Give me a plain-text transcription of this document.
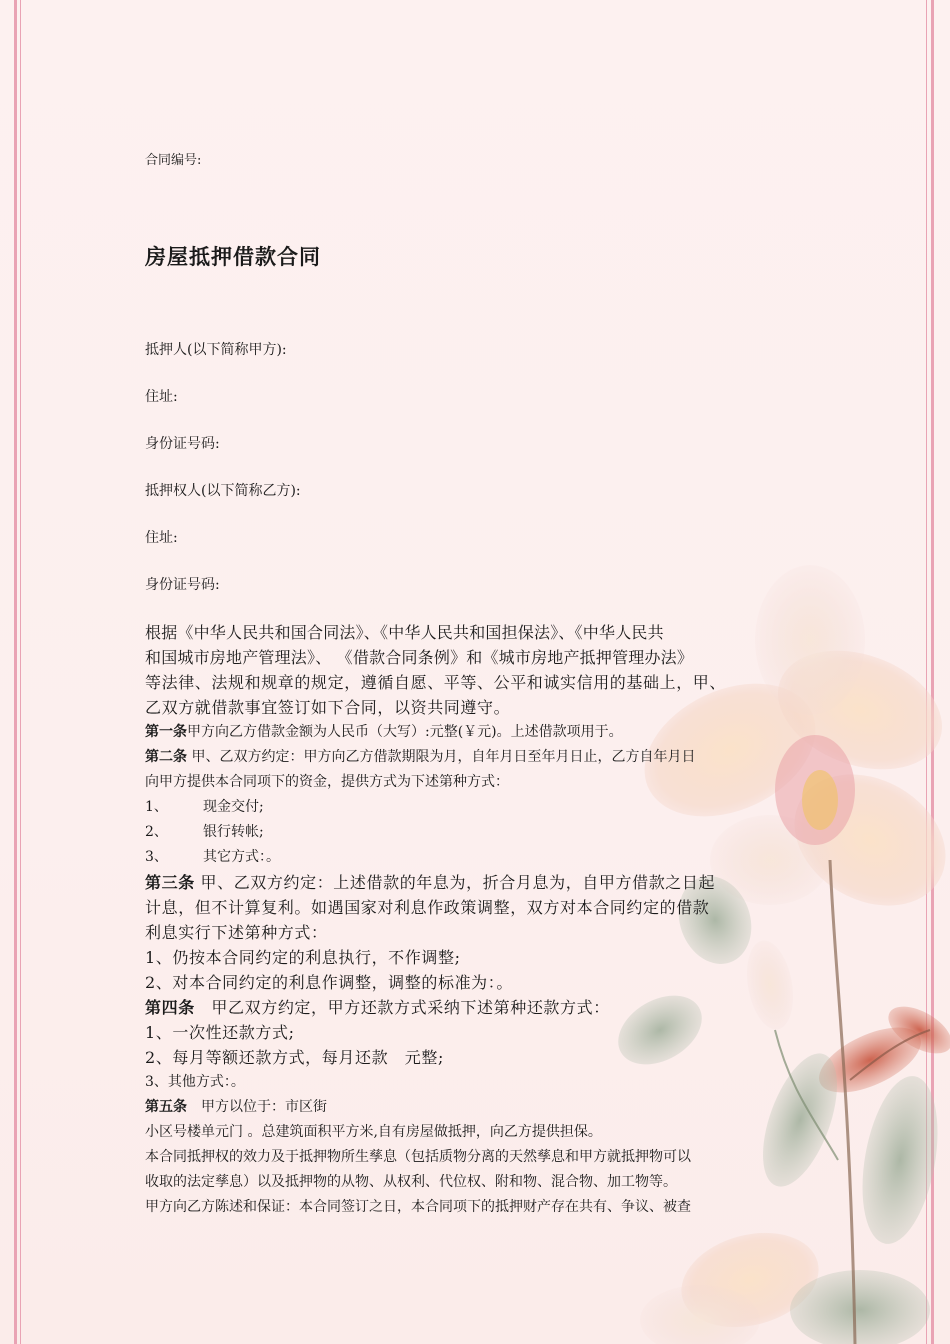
合同编号:
房屋抵押借款合同
抵押人(以下简称甲方):
住址:
身份证号码:
抵押权人(以下简称乙方):
住址:
身份证号码:
根据《中华人民共和国合同法》、《中华人民共和国担保法》、《中华人民共
和国城市房地产管理法》、 《借款合同条例》和《城市房地产抵押管理办法》
等法律、法规和规章的规定，遵循自愿、平等、公平和诚实信用的基础上，甲、
乙双方就借款事宜签订如下合同，以资共同遵守。
第一条甲方向乙方借款金额为人民币（大写）:元整(￥元)。上述借款项用于。
第二条 甲、乙双方约定：甲方向乙方借款期限为月，自年月日至年月日止，乙方自年月日
向甲方提供本合同项下的资金，提供方式为下述第种方式：
1、	现金交付;
2、	银行转帐;
3、	其它方式：。
第三条 甲、乙双方约定：上述借款的年息为，折合月息为，自甲方借款之日起
计息，但不计算复利。如遇国家对利息作政策调整，双方对本合同约定的借款
利息实行下述第种方式：
1、仍按本合同约定的利息执行，不作调整;
2、对本合同约定的利息作调整，调整的标准为：。
第四条　甲乙双方约定，甲方还款方式采纳下述第种还款方式：
1、一次性还款方式;
2、每月等额还款方式，每月还款　元整;
3、其他方式：。
第五条　甲方以位于：市区街
小区号楼单元门 。总建筑面积平方米,自有房屋做抵押，向乙方提供担保。
本合同抵押权的效力及于抵押物所生孳息（包括质物分离的天然孳息和甲方就抵押物可以
收取的法定孳息）以及抵押物的从物、从权利、代位权、附和物、混合物、加工物等。
甲方向乙方陈述和保证：本合同签订之日，本合同项下的抵押财产存在共有、争议、被查
